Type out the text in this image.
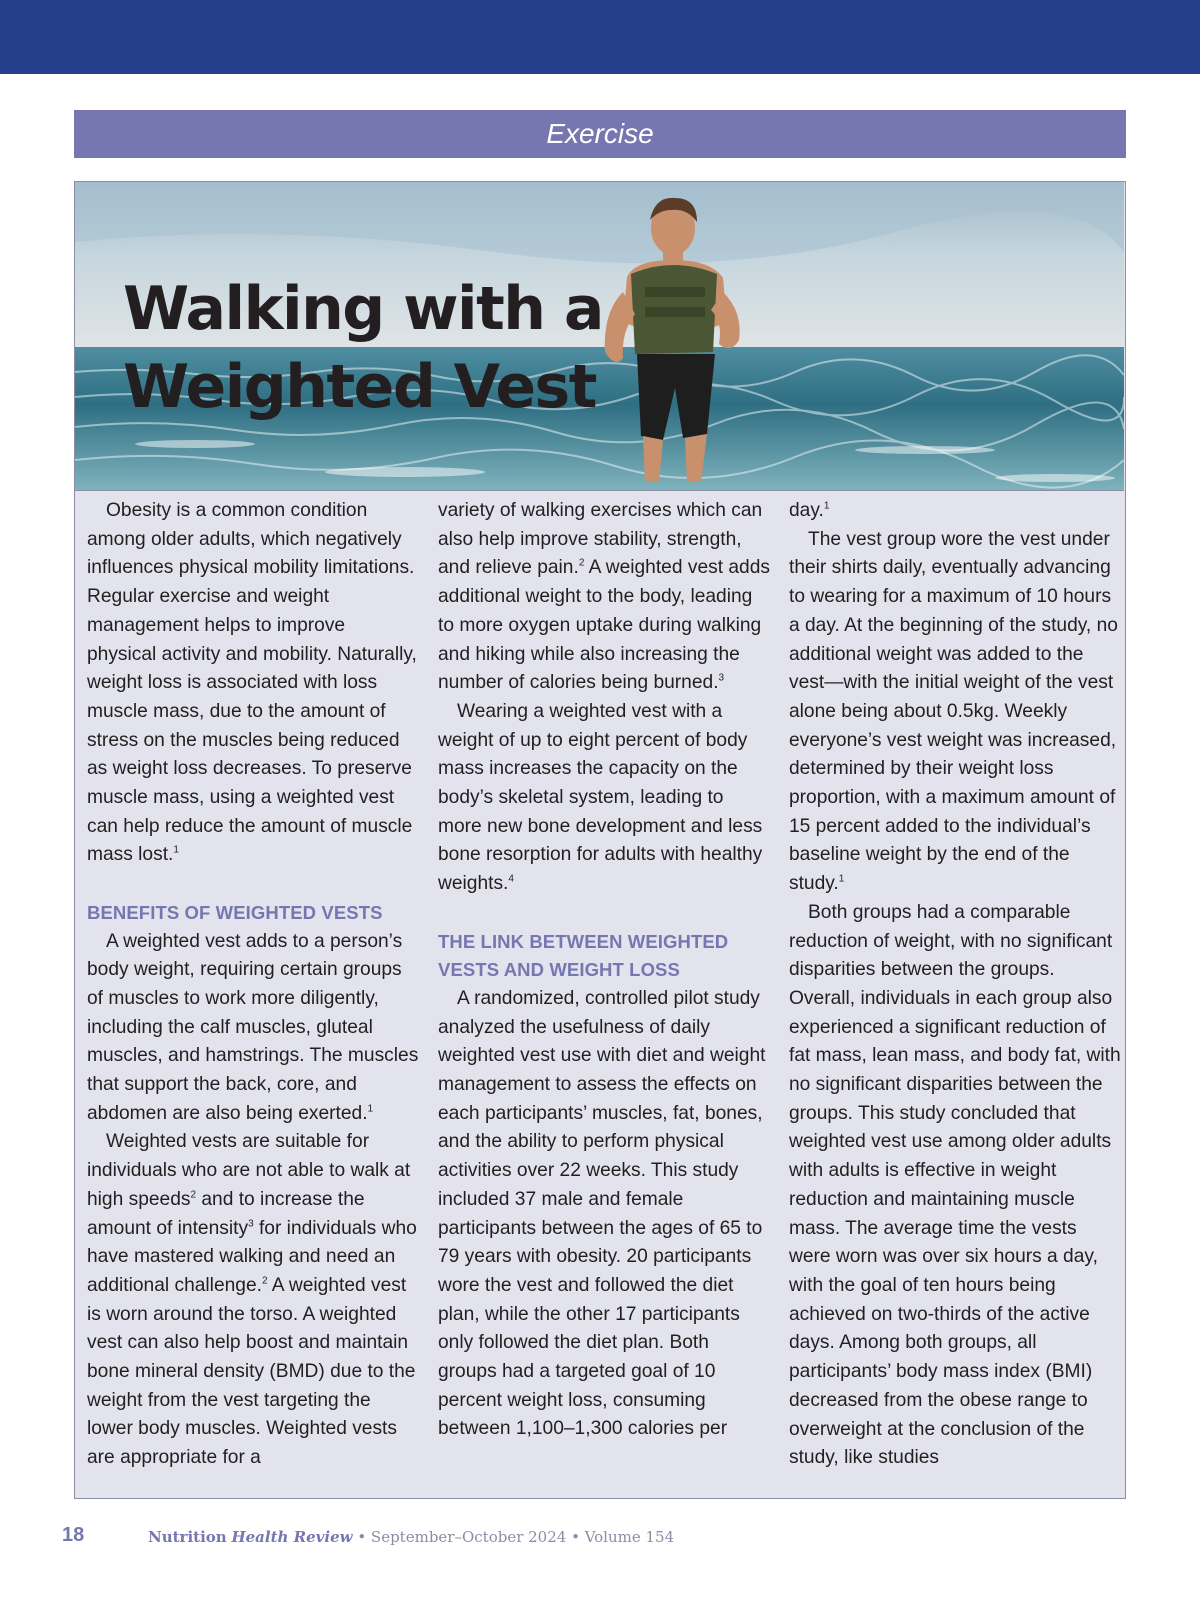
Exercise
Walking with a
Weighted Vest

Obesity is a common condition among older adults, which negatively influences physical mobility limitations. Regular exercise and weight management helps to improve physical activity and mobility. Naturally, weight loss is associated with loss muscle mass, due to the amount of stress on the muscles being reduced as weight loss decreases. To preserve muscle mass, using a weighted vest can help reduce the amount of muscle mass lost.$^1$

BENEFITS OF WEIGHTED VESTS

A weighted vest adds to a person’s body weight, requiring certain groups of muscles to work more diligently, including the calf muscles, gluteal muscles, and hamstrings. The muscles that support the back, core, and abdomen are also being exerted.$^1$

Weighted vests are suitable for individuals who are not able to walk at high speeds$^2$ and to increase the amount of intensity$^3$ for individuals who have mastered walking and need an additional challenge.$^2$ A weighted vest is worn around the torso. A weighted vest can also help boost and maintain bone mineral density (BMD) due to the weight from the vest targeting the lower body muscles. Weighted vests are appropriate for a

variety of walking exercises which can also help improve stability, strength, and relieve pain.$^2$ A weighted vest adds additional weight to the body, leading to more oxygen uptake during walking and hiking while also increasing the number of calories being burned.$^3$

Wearing a weighted vest with a weight of up to eight percent of body mass increases the capacity on the body’s skeletal system, leading to more new bone development and less bone resorption for adults with healthy weights.$^4$

THE LINK BETWEEN WEIGHTED VESTS AND WEIGHT LOSS

A randomized, controlled pilot study analyzed the usefulness of daily weighted vest use with diet and weight management to assess the effects on each participants’ muscles, fat, bones, and the ability to perform physical activities over 22 weeks. This study included 37 male and female participants between the ages of 65 to 79 years with obesity. 20 participants wore the vest and followed the diet plan, while the other 17 participants only followed the diet plan. Both groups had a targeted goal of 10 percent weight loss, consuming between 1,100–1,300 calories per

day.$^1$

The vest group wore the vest under their shirts daily, eventually advancing to wearing for a maximum of 10 hours a day. At the beginning of the study, no additional weight was added to the vest—with the initial weight of the vest alone being about 0.5kg. Weekly everyone’s vest weight was increased, determined by their weight loss proportion, with a maximum amount of 15 percent added to the individual’s baseline weight by the end of the study.$^1$

Both groups had a comparable reduction of weight, with no significant disparities between the groups. Overall, individuals in each group also experienced a significant reduction of fat mass, lean mass, and body fat, with no significant disparities between the groups. This study concluded that weighted vest use among older adults with adults is effective in weight reduction and maintaining muscle mass. The average time the vests were worn was over six hours a day, with the goal of ten hours being achieved on two-thirds of the active days. Among both groups, all participants’ body mass index (BMI) decreased from the obese range to overweight at the conclusion of the study, like studies

18	Nutrition Health Review • September–October 2024 • Volume 154
